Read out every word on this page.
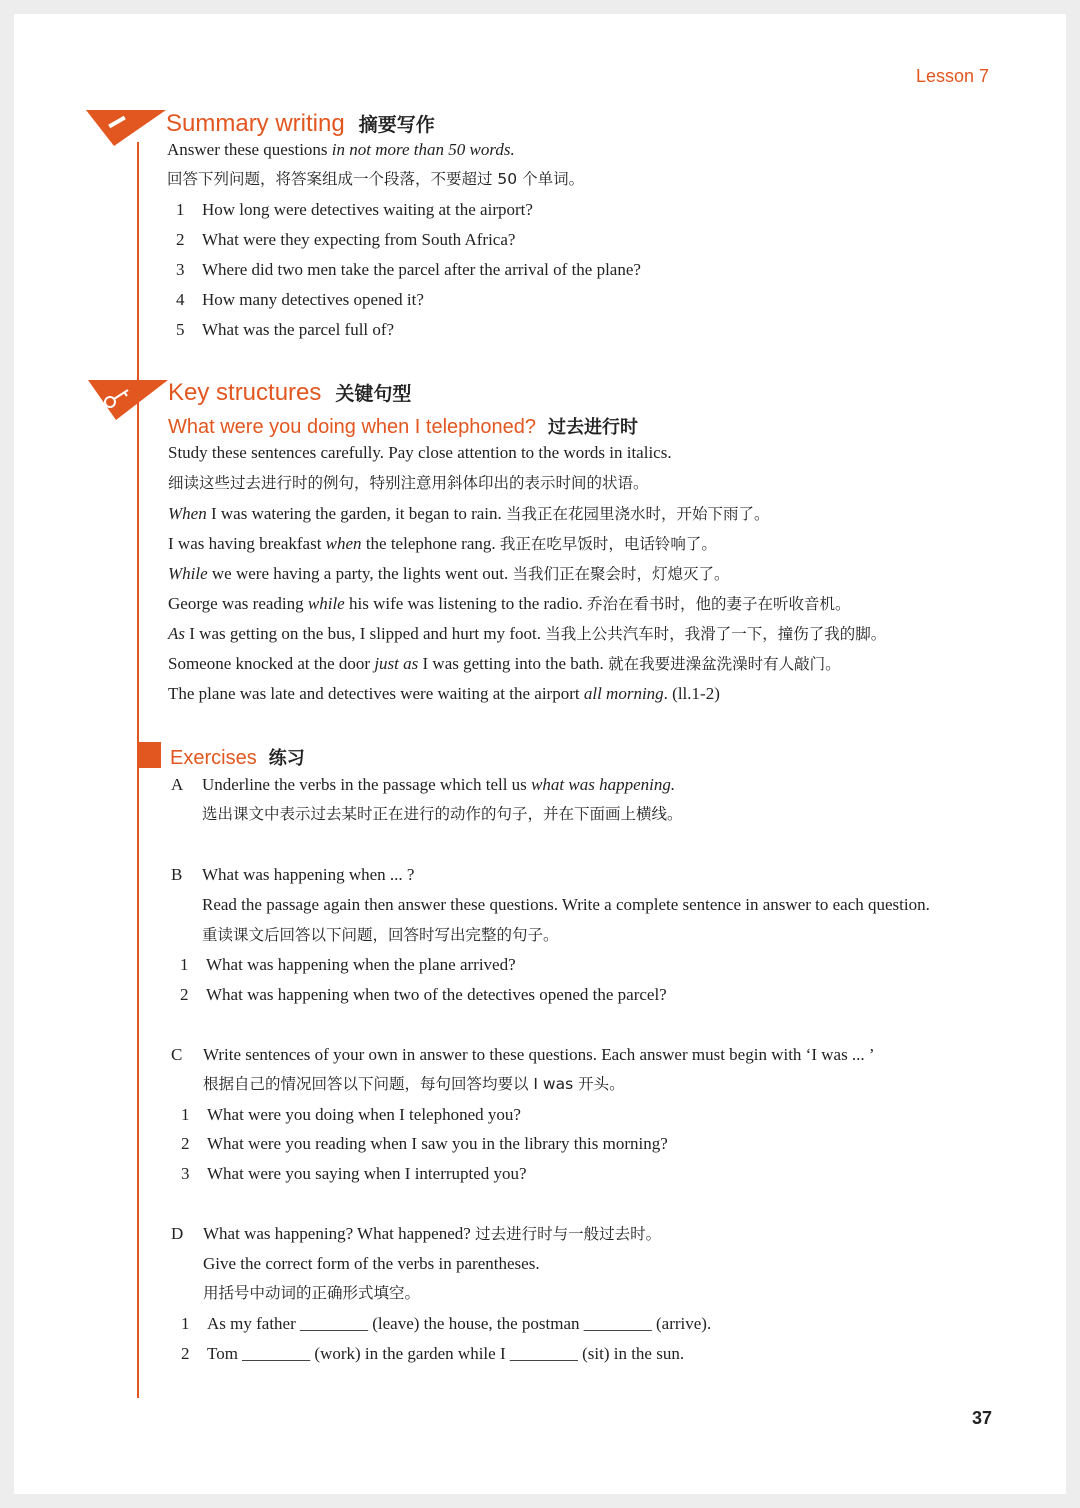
Lesson 7
Summary writing 摘要写作
Answer these questions in not more than 50 words.
回答下列问题，将答案组成一个段落，不要超过 50 个单词。
1 How long were detectives waiting at the airport?
2 What were they expecting from South Africa?
3 Where did two men take the parcel after the arrival of the plane?
4 How many detectives opened it?
5 What was the parcel full of?
Key structures 关键句型
What were you doing when I telephoned? 过去进行时
Study these sentences carefully. Pay close attention to the words in italics.
细读这些过去进行时的例句，特别注意用斜体印出的表示时间的状语。
When I was watering the garden, it began to rain. 当我正在花园里浇水时，开始下雨了。
I was having breakfast when the telephone rang. 我正在吃早饭时，电话铃响了。
While we were having a party, the lights went out. 当我们正在聚会时，灯熄灭了。
George was reading while his wife was listening to the radio. 乔治在看书时，他的妻子在听收音机。
As I was getting on the bus, I slipped and hurt my foot. 当我上公共汽车时，我滑了一下，撞伤了我的脚。
Someone knocked at the door just as I was getting into the bath. 就在我要进澡盆洗澡时有人敲门。
The plane was late and detectives were waiting at the airport all morning. (ll.1-2)
Exercises 练习
A Underline the verbs in the passage which tell us what was happening.
选出课文中表示过去某时正在进行的动作的句子，并在下面画上横线。
B What was happening when ... ?
Read the passage again then answer these questions. Write a complete sentence in answer to each question.
重读课文后回答以下问题，回答时写出完整的句子。
1 What was happening when the plane arrived?
2 What was happening when two of the detectives opened the parcel?
C Write sentences of your own in answer to these questions. Each answer must begin with ‘I was ... ’
根据自己的情况回答以下问题，每句回答均要以 I was 开头。
1 What were you doing when I telephoned you?
2 What were you reading when I saw you in the library this morning?
3 What were you saying when I interrupted you?
D What was happening? What happened? 过去进行时与一般过去时。
Give the correct form of the verbs in parentheses.
用括号中动词的正确形式填空。
1 As my father ________ (leave) the house, the postman ________ (arrive).
2 Tom ________ (work) in the garden while I ________ (sit) in the sun.
37
